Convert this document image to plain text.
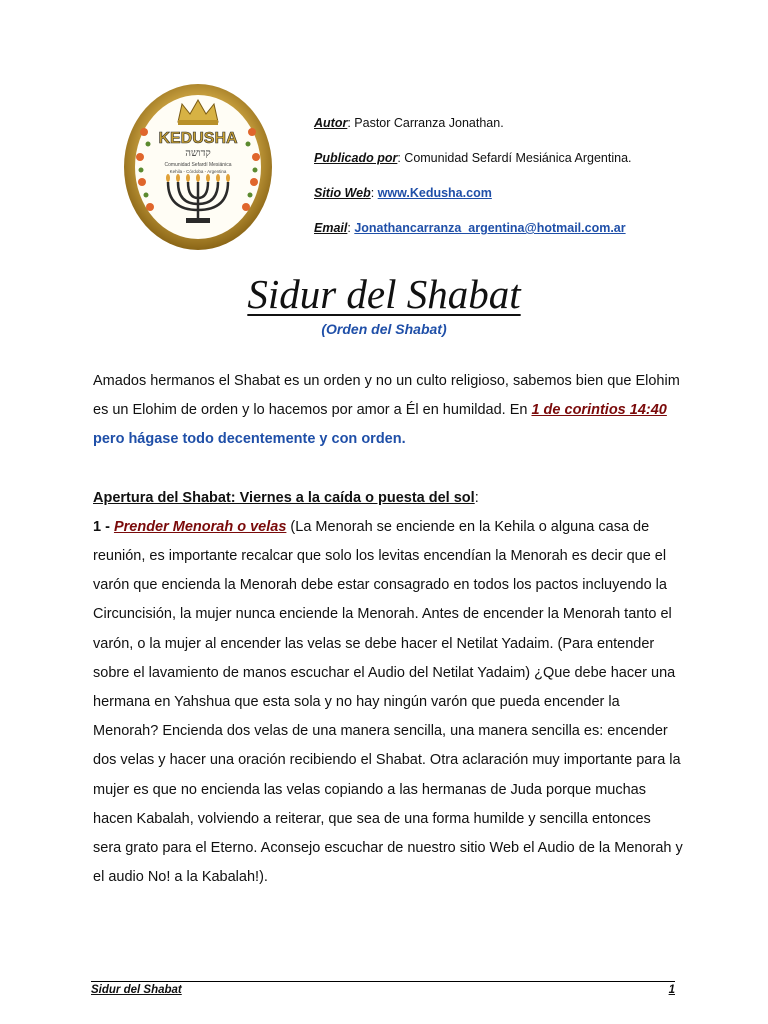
KEDUSHA
קדושה
Comunidad Sefardí Mesiánica
Kehila - Córdoba - Argentina

Autor: Pastor Carranza Jonathan.

Publicado por: Comunidad Sefardí Mesiánica Argentina.

Sitio Web: www.Kedusha.com

Email: Jonathancarranza_argentina@hotmail.com.ar

Sidur del Shabat

(Orden del Shabat)

Amados hermanos el Shabat es un orden y no un culto religioso, sabemos bien que Elohim es un Elohim de orden y lo hacemos por amor a Él en humildad. En 1 de corintios 14:40 pero hágase todo decentemente y con orden.

Apertura del Shabat: Viernes a la caída o puesta del sol:

1 - Prender Menorah o velas (La Menorah se enciende en la Kehila o alguna casa de reunión, es importante recalcar que solo los levitas encendían la Menorah es decir que el varón que encienda la Menorah debe estar consagrado en todos los pactos incluyendo la Circuncisión, la mujer nunca enciende la Menorah. Antes de encender la Menorah tanto el varón, o la mujer al encender las velas se debe hacer el Netilat Yadaim. (Para entender sobre el lavamiento de manos escuchar el Audio del Netilat Yadaim) ¿Que debe hacer una hermana en Yahshua que esta sola y no hay ningún varón que pueda encender la Menorah? Encienda dos velas de una manera sencilla, una manera sencilla es: encender dos velas y hacer una oración recibiendo el Shabat. Otra aclaración muy importante para la mujer es que no encienda las velas copiando a las hermanas de Juda porque muchas hacen Kabalah, volviendo a reiterar, que sea de una forma humilde y sencilla entonces sera grato para el Eterno. Aconsejo escuchar de nuestro sitio Web el Audio de la Menorah y el audio No! a la Kabalah!).

Sidur del Shabat	1
